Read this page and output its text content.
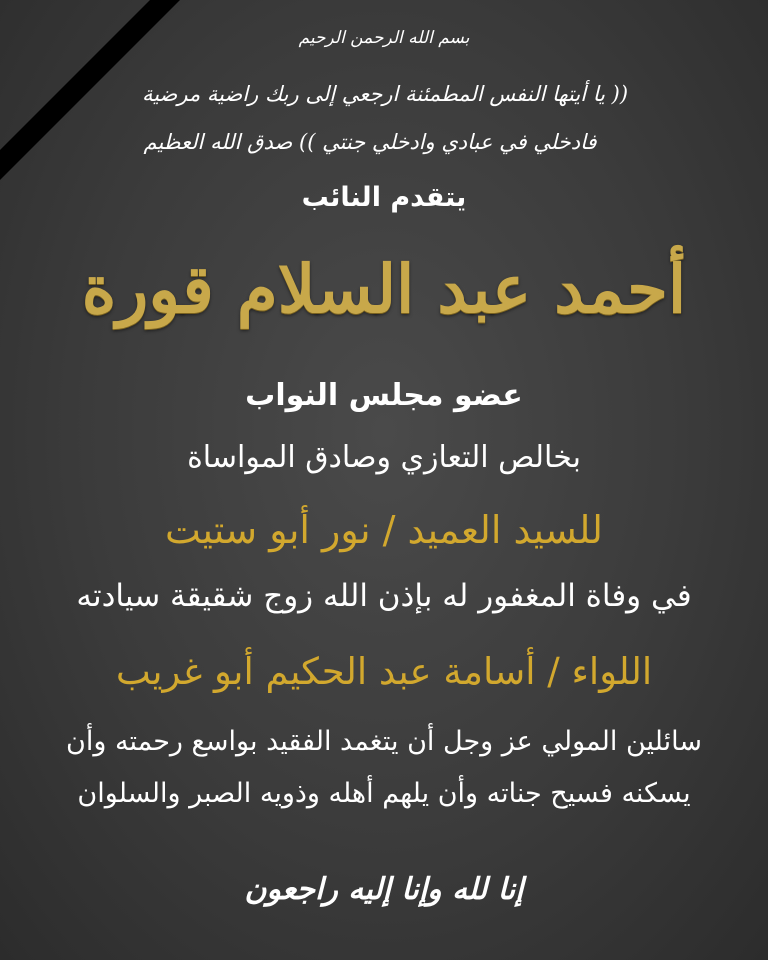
بسم الله الرحمن الرحيم
(( يا أيتها النفس المطمئنة ارجعي إلى ربك راضية مرضية
فادخلي في عبادي وادخلي جنتي )) صدق الله العظيم
يتقدم النائب
أحمد عبد السلام قورة
عضو مجلس النواب
بخالص التعازي وصادق المواساة
للسيد العميد / نور أبو ستيت
في وفاة المغفور له بإذن الله زوج شقيقة سيادته
اللواء / أسامة عبد الحكيم أبو غريب
سائلين المولي عز وجل أن يتغمد الفقيد بواسع رحمته وأن
يسكنه فسيح جناته وأن يلهم أهله وذويه الصبر والسلوان
إنا لله وإنا إليه راجعون
